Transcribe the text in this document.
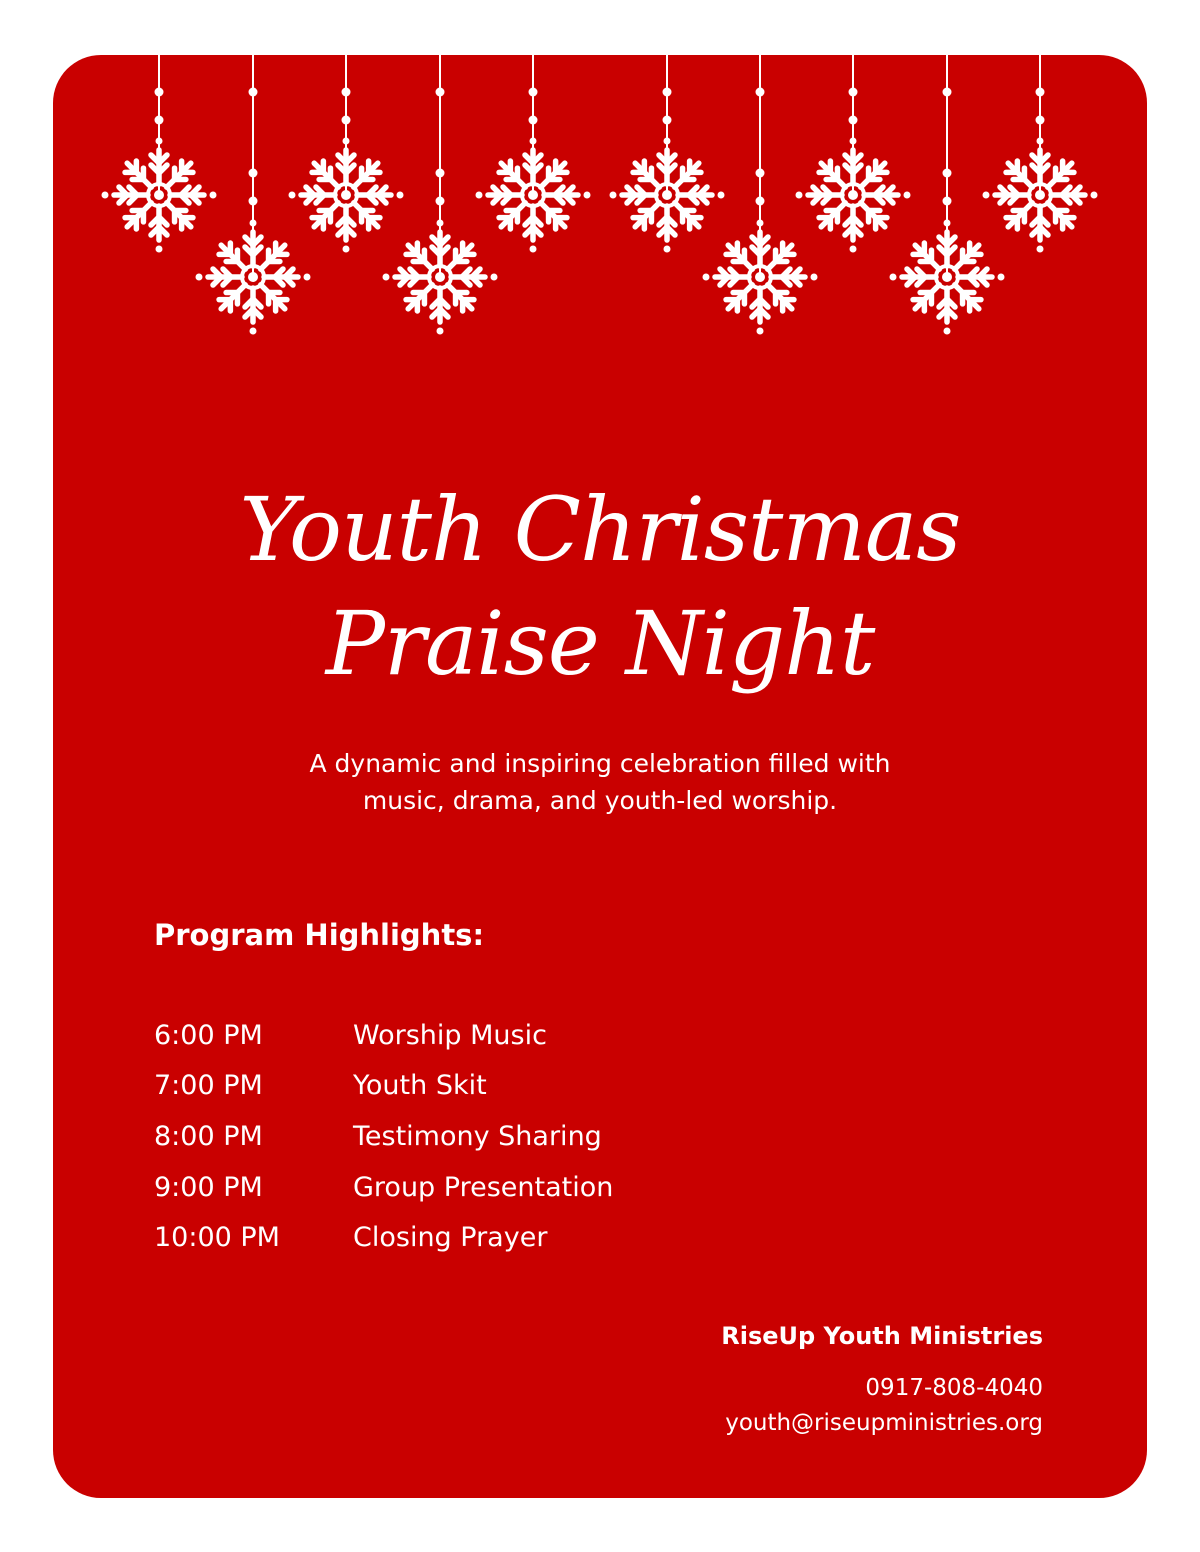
Youth Christmas
Praise Night

A dynamic and inspiring celebration filled with
music, drama, and youth-led worship.

Program Highlights:
6:00 PM	Worship Music
7:00 PM	Youth Skit
8:00 PM	Testimony Sharing
9:00 PM	Group Presentation
10:00 PM	Closing Prayer

RiseUp Youth Ministries

0917-808-4040
youth@riseupministries.org
